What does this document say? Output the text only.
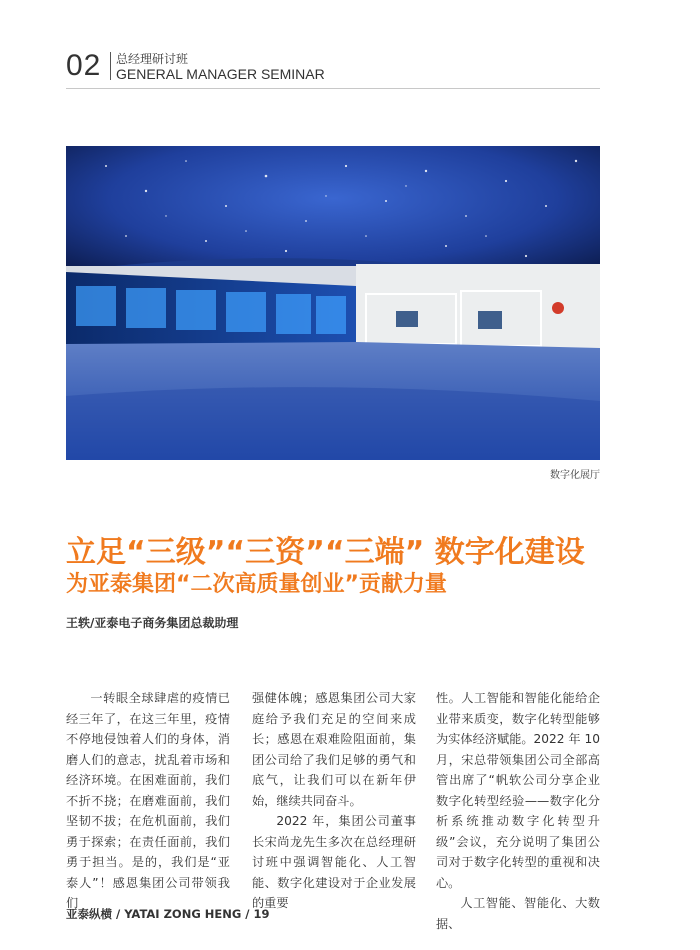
02 总经理研讨班
GENERAL MANAGER SEMINAR
数字化展厅
立足“三级”“三资”“三端” 数字化建设
为亚泰集团“二次高质量创业”贡献力量
王轶/亚泰电子商务集团总裁助理

一转眼全球肆虐的疫情已经三年了，在这三年里，疫情不停地侵蚀着人们的身体，消磨人们的意志，扰乱着市场和经济环境。在困难面前，我们不折不挠；在磨难面前，我们坚韧不拔；在危机面前，我们勇于探索；在责任面前，我们勇于担当。是的，我们是“亚泰人”！感恩集团公司带领我们

强健体魄；感恩集团公司大家庭给予我们充足的空间来成长；感恩在艰难险阻面前，集团公司给了我们足够的勇气和底气，让我们可以在新年伊始，继续共同奋斗。

2022 年，集团公司董事长宋尚龙先生多次在总经理研讨班中强调智能化、人工智能、数字化建设对于企业发展的重要

性。人工智能和智能化能给企业带来质变，数字化转型能够为实体经济赋能。2022 年 10 月，宋总带领集团公司全部高管出席了“帆软公司分享企业数字化转型经验——数字化分析系统推动数字化转型升级”会议，充分说明了集团公司对于数字化转型的重视和决心。

人工智能、智能化、大数据、

亚泰纵横 / YATAI ZONG HENG / 19
